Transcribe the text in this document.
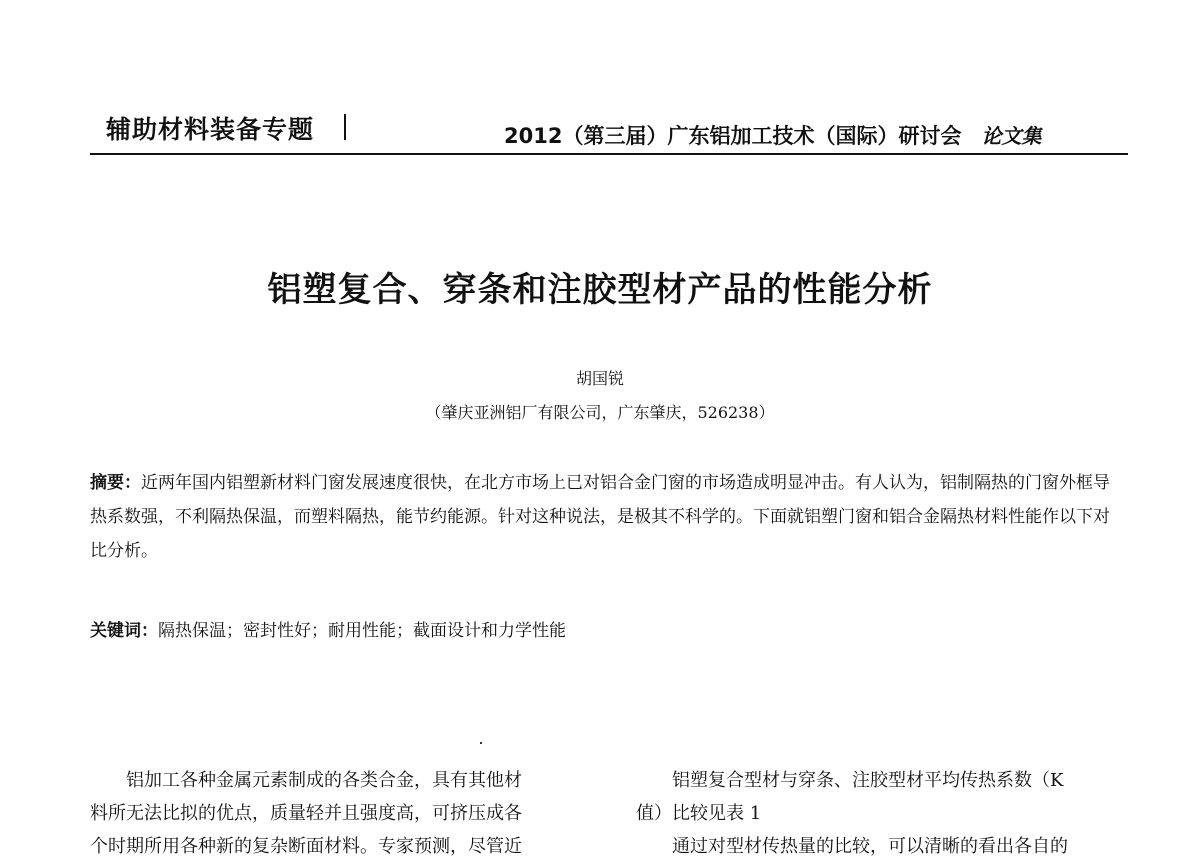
辅助材料装备专题	2012（第三届）广东铝加工技术（国际）研讨会 论文集
铝塑复合、穿条和注胶型材产品的性能分析
胡国锐
（肇庆亚洲铝厂有限公司，广东肇庆，526238）
摘要：近两年国内铝塑新材料门窗发展速度很快，在北方市场上已对铝合金门窗的市场造成明显冲击。有人认为，铝制隔热的门窗外框导热系数强，不利隔热保温，而塑料隔热，能节约能源。针对这种说法，是极其不科学的。下面就铝塑门窗和铝合金隔热材料性能作以下对比分析。
关键词：隔热保温；密封性好；耐用性能；截面设计和力学性能

铝加工各种金属元素制成的各类合金，具有其他材

料所无法比拟的优点，质量轻并且强度高，可挤压成各

个时期所用各种新的复杂断面材料。专家预测，尽管近

铝塑复合型材与穿条、注胶型材平均传热系数（K

值）比较见表 1

通过对型材传热量的比较，可以清晰的看出各自的
